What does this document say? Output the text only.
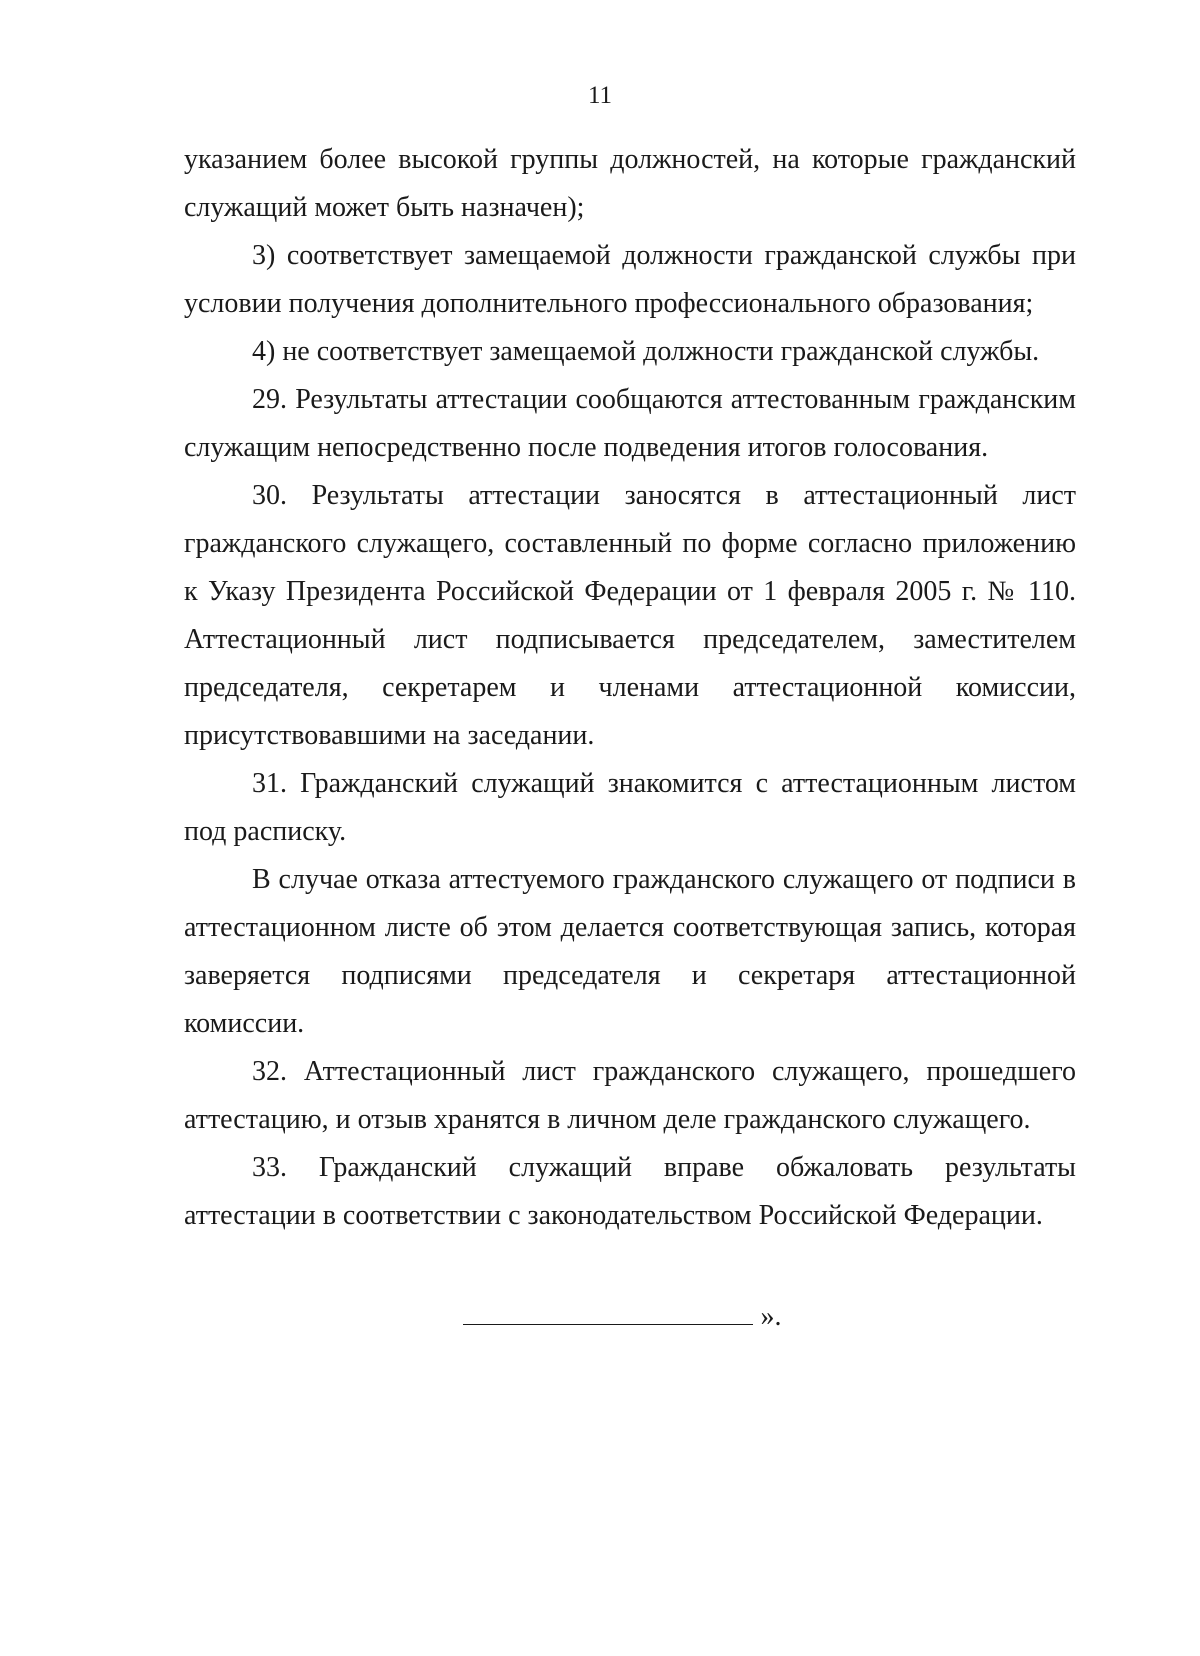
11

указанием более высокой группы должностей, на которые гражданский служащий может быть назначен);

3) соответствует замещаемой должности гражданской службы при условии получения дополнительного профессионального образования;

4) не соответствует замещаемой должности гражданской службы.

29. Результаты аттестации сообщаются аттестованным гражданским служащим непосредственно после подведения итогов голосования.

30. Результаты аттестации заносятся в аттестационный лист гражданского служащего, составленный по форме согласно приложению к Указу Президента Российской Федерации от 1 февраля 2005 г. № 110. Аттестационный лист подписывается председателем, заместителем председателя, секретарем и членами аттестационной комиссии, присутствовавшими на заседании.

31. Гражданский служащий знакомится с аттестационным листом под расписку.

В случае отказа аттестуемого гражданского служащего от подписи в аттестационном листе об этом делается соответствующая запись, которая заверяется подписями председателя и секретаря аттестационной комиссии.

32. Аттестационный лист гражданского служащего, прошедшего аттестацию, и отзыв хранятся в личном деле гражданского служащего.

33. Гражданский служащий вправе обжаловать результаты аттестации в соответствии с законодательством Российской Федерации.

».
